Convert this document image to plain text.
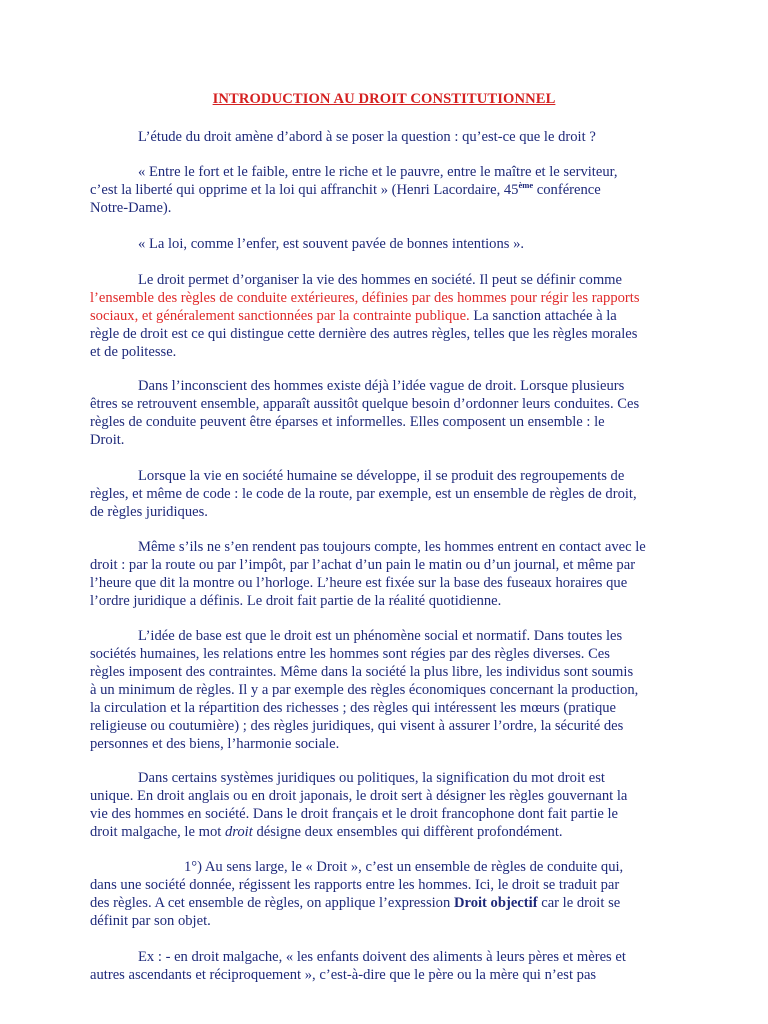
INTRODUCTION AU DROIT CONSTITUTIONNEL

L’étude du droit amène d’abord à se poser la question : qu’est-ce que le droit ?

« Entre le fort et le faible, entre le riche et le pauvre, entre le maître et le serviteur,
c’est la liberté qui opprime et la loi qui affranchit » (Henri Lacordaire, 45ème conférence
Notre-Dame).

« La loi, comme l’enfer, est souvent pavée de bonnes intentions ».

Le droit permet d’organiser la vie des hommes en société. Il peut se définir comme
l’ensemble des règles de conduite extérieures, définies par des hommes pour régir les rapports
sociaux, et généralement sanctionnées par la contrainte publique. La sanction attachée à la
règle de droit est ce qui distingue cette dernière des autres règles, telles que les règles morales
et de politesse.

Dans l’inconscient des hommes existe déjà l’idée vague de droit. Lorsque plusieurs
êtres se retrouvent ensemble, apparaît aussitôt quelque besoin d’ordonner leurs conduites. Ces
règles de conduite peuvent être éparses et informelles. Elles composent un ensemble : le
Droit.

Lorsque la vie en société humaine se développe, il se produit des regroupements de
règles, et même de code : le code de la route, par exemple, est un ensemble de règles de droit,
de règles juridiques.

Même s’ils ne s’en rendent pas toujours compte, les hommes entrent en contact avec le
droit : par la route ou par l’impôt, par l’achat d’un pain le matin ou d’un journal, et même par
l’heure que dit la montre ou l’horloge. L’heure est fixée sur la base des fuseaux horaires que
l’ordre juridique a définis. Le droit fait partie de la réalité quotidienne.

L’idée de base est que le droit est un phénomène social et normatif. Dans toutes les
sociétés humaines, les relations entre les hommes sont régies par des règles diverses. Ces
règles imposent des contraintes. Même dans la société la plus libre, les individus sont soumis
à un minimum de règles. Il y a par exemple des règles économiques concernant la production,
la circulation et la répartition des richesses ; des règles qui intéressent les mœurs (pratique
religieuse ou coutumière) ; des règles juridiques, qui visent à assurer l’ordre, la sécurité des
personnes et des biens, l’harmonie sociale.

Dans certains systèmes juridiques ou politiques, la signification du mot droit est
unique. En droit anglais ou en droit japonais, le droit sert à désigner les règles gouvernant la
vie des hommes en société. Dans le droit français et le droit francophone dont fait partie le
droit malgache, le mot droit désigne deux ensembles qui diffèrent profondément.

1°) Au sens large, le « Droit », c’est un ensemble de règles de conduite qui,
dans une société donnée, régissent les rapports entre les hommes. Ici, le droit se traduit par
des règles. A cet ensemble de règles, on applique l’expression Droit objectif car le droit se
définit par son objet.

Ex : - en droit malgache, « les enfants doivent des aliments à leurs pères et mères et
autres ascendants et réciproquement », c’est-à-dire que le père ou la mère qui n’est pas
